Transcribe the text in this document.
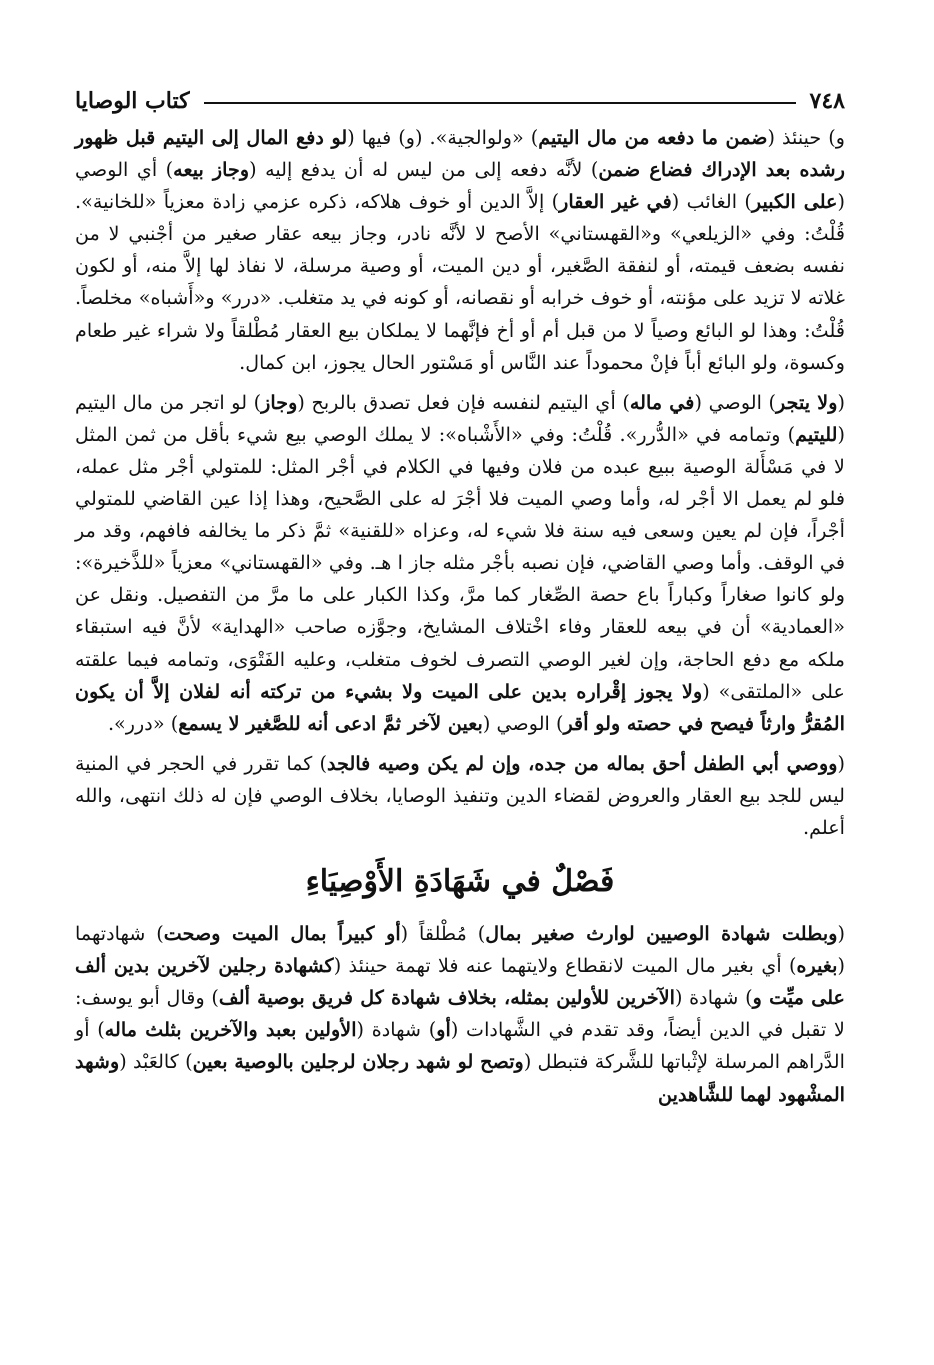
كتاب الوصايا	٧٤٨

و) حينئذ (ضمن ما دفعه من مال اليتيم) «ولوالجية». (و) فيها (لو دفع المال إلى اليتيم قبل ظهور رشده بعد الإدراك فضاع ضمن) لأنَّه دفعه إلى من ليس له أن يدفع إليه (وجاز بيعه) أي الوصي (على الكبير) الغائب (في غير العقار) إلاَّ الدين أو خوف هلاكه، ذكره عزمي زادة معزياً «للخانية». قُلْتُ: وفي «الزيلعي» و«القهستاني» الأصح لا لأنَّه نادر، وجاز بيعه عقار صغير من أجْنبي لا من نفسه بضعف قيمته، أو لنفقة الصَّغير، أو دين الميت، أو وصية مرسلة، لا نفاذ لها إلاَّ منه، أو لكون غلاته لا تزيد على مؤنته، أو خوف خرابه أو نقصانه، أو كونه في يد متغلب. «درر» و«أَشباه» مخلصاً. قُلْتُ: وهذا لو البائع وصياً لا من قبل أم أو أخ فإنَّهما لا يملكان بيع العقار مُطْلقاً ولا شراء غير طعام وكسوة، ولو البائع أباً فإنْ محموداً عند النَّاس أو مَسْتور الحال يجوز، ابن كمال.

(ولا يتجر) الوصي (في ماله) أي اليتيم لنفسه فإن فعل تصدق بالربح (وجاز) لو اتجر من مال اليتيم (لليتيم) وتمامه في «الدُّرر». قُلْتُ: وفي «الأَشْباه»: لا يملك الوصي بيع شيء بأقل من ثمن المثل لا في مَسْأَلة الوصية ببيع عبده من فلان وفيها في الكلام في أجْر المثل: للمتولي أجْر مثل عمله، فلو لم يعمل الا أجْر له، وأما وصي الميت فلا أجْرَ له على الصَّحيح، وهذا إذا عين القاضي للمتولي أجْراً، فإن لم يعين وسعى فيه سنة فلا شيء له، وعزاه «للقنية» ثمَّ ذكر ما يخالفه فافهم، وقد مر في الوقف. وأما وصي القاضي، فإن نصبه بأجْر مثله جاز ا هـ. وفي «القهستاني» معزياً «للذَّخيرة»: ولو كانوا صغاراً وكباراً باع حصة الصِّغار كما مرَّ، وكذا الكبار على ما مرَّ من التفصيل. ونقل عن «العمادية» أن في بيعه للعقار وفاء اخْتلاف المشايخ، وجوَّزه صاحب «الهداية» لأنَّ فيه استبقاء ملكه مع دفع الحاجة، وإن لغير الوصي التصرف لخوف متغلب، وعليه الفَتْوَى، وتمامه فيما علقته على «الملتقى» (ولا يجوز إقْراره بدين على الميت ولا بشيء من تركته أنه لفلان إلاَّ أن يكون المُقرُّ وارثاً فيصح في حصته ولو أقر) الوصي (بعين لآخر ثمَّ ادعى أنه للصَّغير لا يسمع) «درر».

(ووصي أبي الطفل أحق بماله من جده، وإن لم يكن وصيه فالجد) كما تقرر في الحجر في المنية ليس للجد بيع العقار والعروض لقضاء الدين وتنفيذ الوصايا، بخلاف الوصي فإن له ذلك انتهى، والله أعلم.

فَصْلٌ في شَهَادَةِ الأَوْصِيَاءِ

(وبطلت شهادة الوصيين لوارث صغير بمال) مُطْلقاً (أو كبيراً بمال الميت وصحت) شهادتهما (بغيره) أي بغير مال الميت لانقطاع ولايتهما عنه فلا تهمة حينئذ (كشهادة رجلين لآخرين بدين ألف على ميِّت و) شهادة (الآخرين للأولين بمثله، بخلاف شهادة كل فريق بوصية ألف) وقال أبو يوسف: لا تقبل في الدين أيضاً، وقد تقدم في الشَّهادات (أو) شهادة (الأولين بعبد والآخرين بثلث ماله) أو الدَّراهم المرسلة لإثْباتها للشَّركة فتبطل (وتصح لو شهد رجلان لرجلين بالوصية بعين) كالعَبْد (وشهد المشْهود لهما للشَّاهدين
